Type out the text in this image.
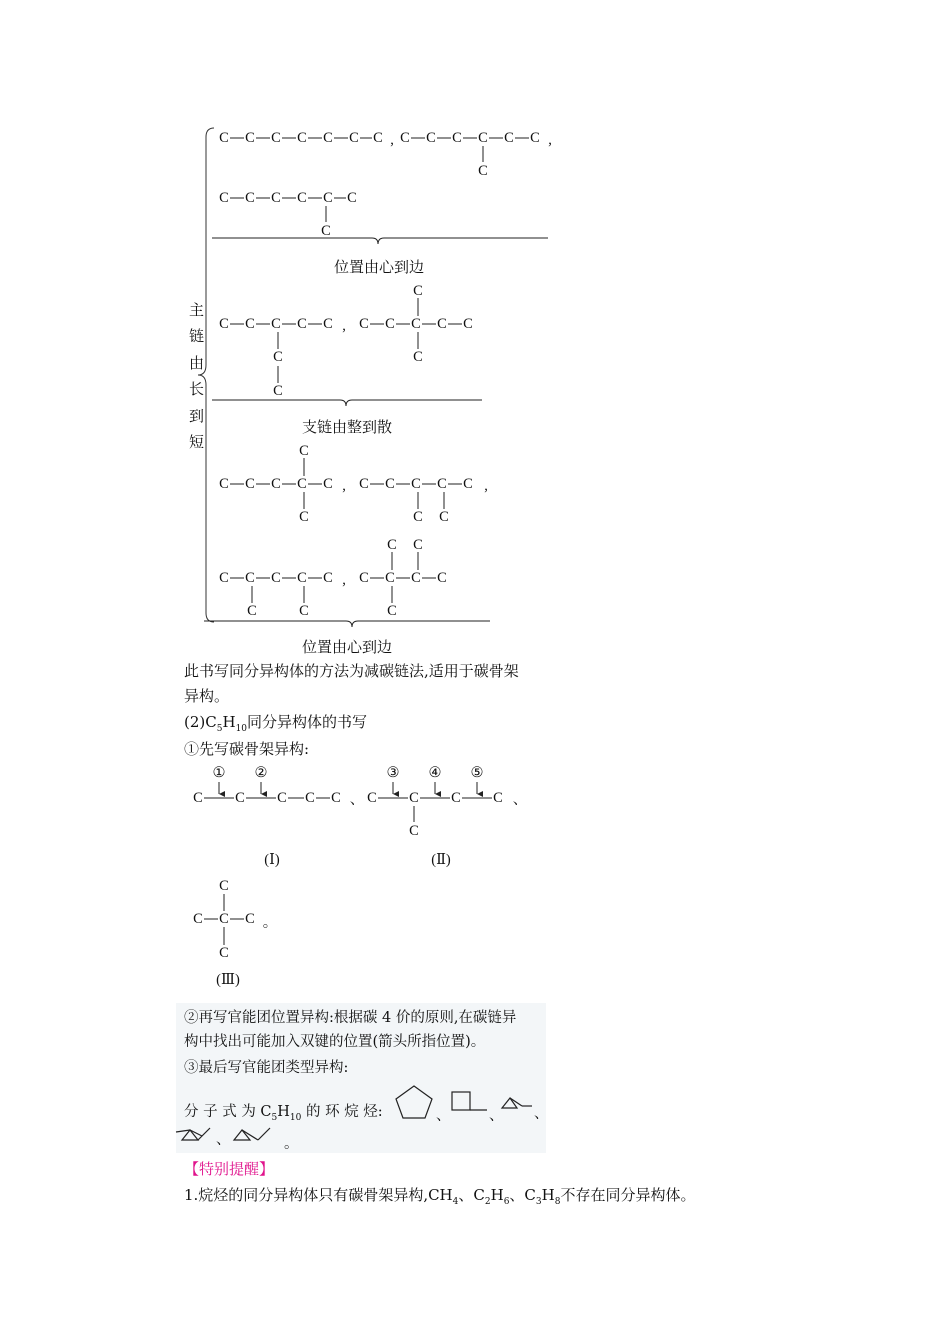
主
链
由
长
到
短
C C C C C C C , C C C C C C ,
C
C C C C C C
C
C C C C C ,
C
C
C C C C C
C
C
C C C C C ,
C
C
C C C C C ,
C C
C C C C C ,
C	C
C C C C
C C
C
位置由心到边
支链由整到散
位置由心到边
此书写同分异构体的方法为减碳链法,适用于碳骨架
异构。
$(2)C_5H_{10}$同分异构体的书写
①先写碳骨架异构:
① ②	③ ④ ⑤
C C C C C 、 C C C C 、
C
(Ⅰ)	(Ⅱ)
C
C C C 。
C
(Ⅲ)
②再写官能团位置异构:根据碳 4 价的原则,在碳链异
构中找出可能加入双键的位置(箭头所指位置)。
③最后写官能团类型异构:
分 子 式 为 $C_5H_{10}$ 的 环 烷 烃:	、	、 、
、	。
【特别提醒】
1.烷烃的同分异构体只有碳骨架异构$,CH_4$、$C_2H_6$、$C_3H_8$不存在同分异构体。
